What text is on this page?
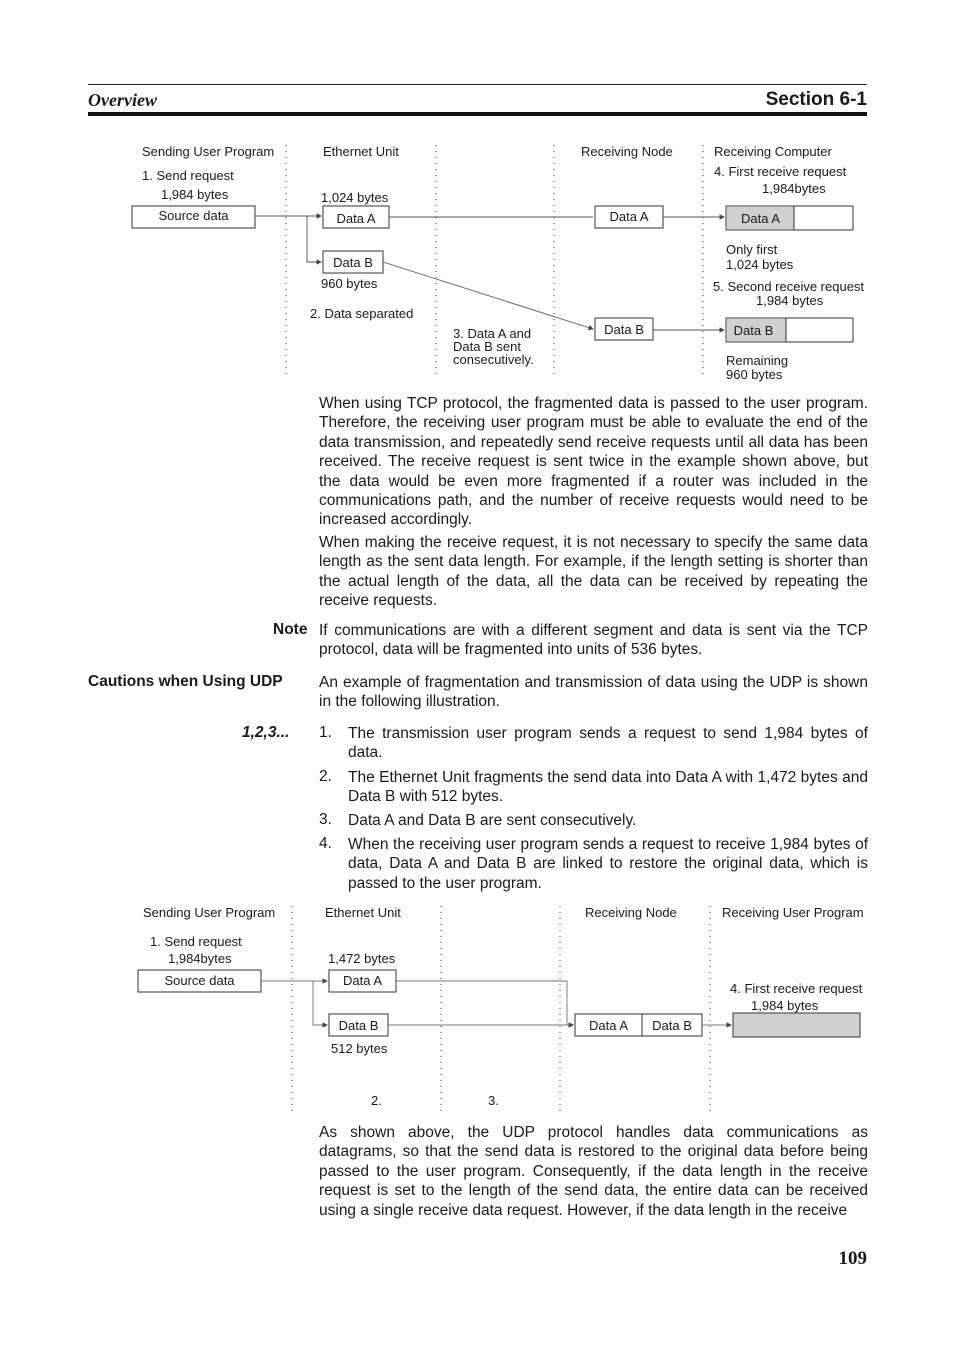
Overview	Section 6-1
Sending User Program	Ethernet Unit	Receiving Node	Receiving Computer
1. Send request
1,984 bytes
Source data
1,024 bytes
Data A
Data B
960 bytes
2. Data separated
3. Data A and
Data B sent
consecutively.
Data A
Data B
4. First receive request
1,984bytes
Data A
Only first
1,024 bytes
5. Second receive request
1,984 bytes
Data B
Remaining
960 bytes

When using TCP protocol, the fragmented data is passed to the user program. Therefore, the receiving user program must be able to evaluate the end of the data transmission, and repeatedly send receive requests until all data has been received. The receive request is sent twice in the example shown above, but the data would be even more fragmented if a router was included in the communications path, and the number of receive requests would need to be increased accordingly.

When making the receive request, it is not necessary to specify the same data length as the sent data length. For example, if the length setting is shorter than the actual length of the data, all the data can be received by repeating the receive requests.

Note If communications are with a different segment and data is sent via the TCP protocol, data will be fragmented into units of 536 bytes.

Cautions when Using UDP An example of fragmentation and transmission of data using the UDP is shown in the following illustration.

1,2,3... 1. The transmission user program sends a request to send 1,984 bytes of data.
2. The Ethernet Unit fragments the send data into Data A with 1,472 bytes and Data B with 512 bytes.
3. Data A and Data B are sent consecutively.
4. When the receiving user program sends a request to receive 1,984 bytes of data, Data A and Data B are linked to restore the original data, which is passed to the user program.
Sending User Program	Ethernet Unit	Receiving Node	Receiving User Program
1. Send request
1,984bytes
Source data
1,472 bytes
Data A
Data B
512 bytes
Data A	Data B
4. First receive request
1,984 bytes
2.	3.

As shown above, the UDP protocol handles data communications as datagrams, so that the send data is restored to the original data before being passed to the user program. Consequently, if the data length in the receive request is set to the length of the send data, the entire data can be received using a single receive data request. However, if the data length in the receive

109
